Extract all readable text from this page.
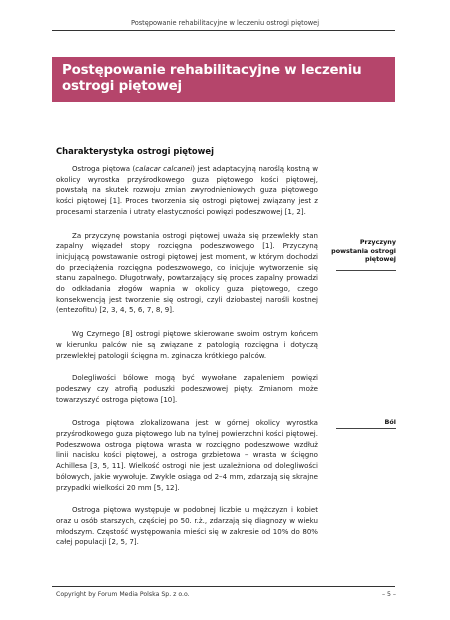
Postępowanie rehabilitacyjne w leczeniu ostrogi piętowej
Postępowanie rehabilitacyjne w leczeniu ostrogi piętowej
Charakterystyka ostrogi piętowej

Ostroga piętowa (calacar calcanei) jest adaptacyjną naroślą kostną w okolicy wyrostka przyśrodkowego guza piętowego kości piętowej, powstałą na skutek rozwoju zmian zwyrodnieniowych guza piętowego kości piętowej [1]. Proces tworzenia się ostrogi piętowej związany jest z procesami starzenia i utraty elastyczności powięzi podeszwowej [1, 2].

Za przyczynę powstania ostrogi piętowej uważa się przewlekły stan zapalny więzadeł stopy rozcięgna podeszwowego [1]. Przyczyną inicjującą powstawanie ostrogi piętowej jest moment, w którym dochodzi do przeciążenia rozcięgna podeszwowego, co inicjuje wytworzenie się stanu zapalnego. Długotrwały, powtarzający się proces zapalny prowadzi do odkładania złogów wapnia w okolicy guza piętowego, czego konsekwencją jest tworzenie się ostrogi, czyli dziobastej narośli kostnej (entezofitu) [2, 3, 4, 5, 6, 7, 8, 9].

Wg Czyrnego [8] ostrogi piętowe skierowane swoim ostrym końcem w kierunku palców nie są związane z patologią rozcięgna i dotyczą przewlekłej patologii ścięgna m. zginacza krótkiego palców.

Dolegliwości bólowe mogą być wywołane zapaleniem powięzi podeszwy czy atrofią poduszki podeszwowej pięty. Zmianom może towarzyszyć ostroga piętowa [10].

Ostroga piętowa zlokalizowana jest w górnej okolicy wyrostka przyśrodkowego guza piętowego lub na tylnej powierzchni kości piętowej. Podeszwowa ostroga piętowa wrasta w rozcięgno podeszwowe wzdłuż linii nacisku kości piętowej, a ostroga grzbietowa – wrasta w ścięgno Achillesa [3, 5, 11]. Wielkość ostrogi nie jest uzależniona od dolegliwości bólowych, jakie wywołuje. Zwykle osiąga od 2–4 mm, zdarzają się skrajne przypadki wielkości 20 mm [5, 12].

Ostroga piętowa występuje w podobnej liczbie u mężczyzn i kobiet oraz u osób starszych, częściej po 50. r.ż., zdarzają się diagnozy w wieku młodszym. Częstość występowania mieści się w zakresie od 10% do 80% całej populacji [2, 5, 7].

Przyczyny powstania ostrogi piętowej
Ból
Copyright by Forum Media Polska Sp. z o.o.	– 5 –
